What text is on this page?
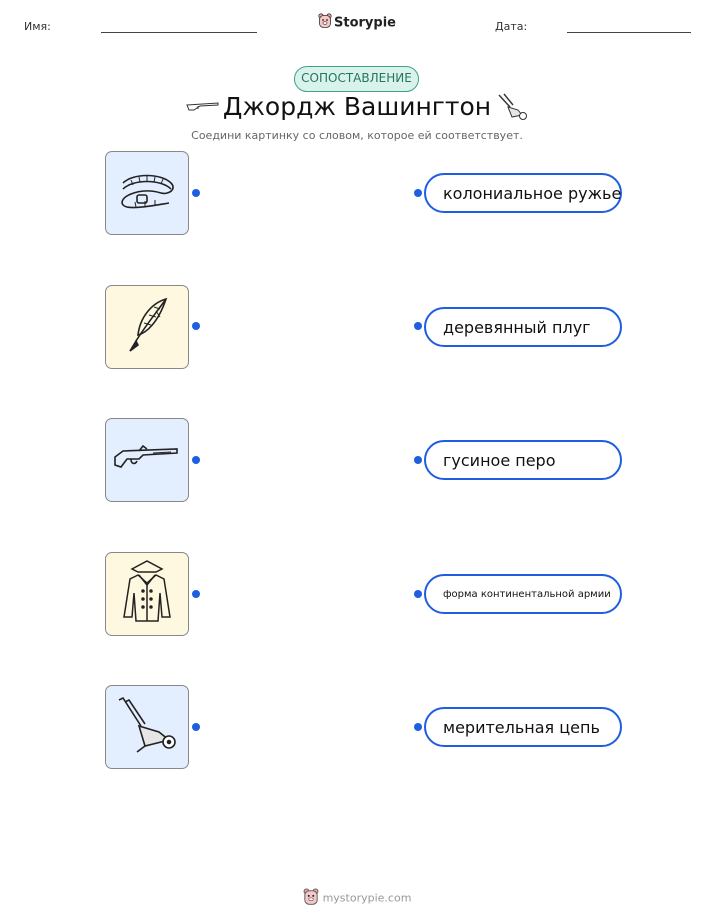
Имя:	Storypie	Дата:
СОПОСТАВЛЕНИЕ
Джордж Вашингтон
Соедини картинку со словом, которое ей соответствует.
колониальное ружье
деревянный плуг
гусиное перо
форма континентальной армии
мерительная цепь
mystorypie.com
